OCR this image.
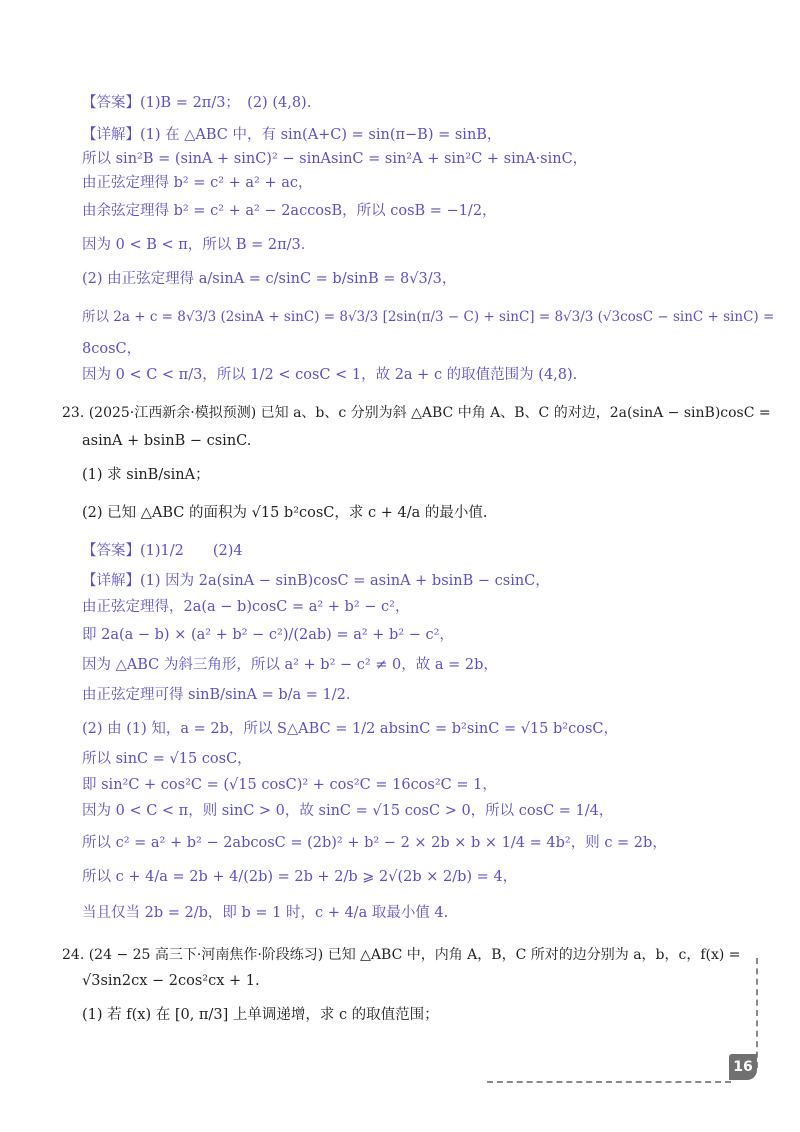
【答案】(1)B = 2π/3；　(2) (4,8).
【详解】(1) 在 △ABC 中，有 sin(A+C) = sin(π−B) = sinB，
所以 sin²B = (sinA + sinC)² − sinAsinC = sin²A + sin²C + sinA·sinC，
由正弦定理得 b² = c² + a² + ac，
由余弦定理得 b² = c² + a² − 2accosB，所以 cosB = −1/2，
因为 0 < B < π，所以 B = 2π/3．
(2) 由正弦定理得 a/sinA = c/sinC = b/sinB = 8√3/3，
所以 2a + c = 8√3/3 (2sinA + sinC) = 8√3/3 [2sin(π/3 − C) + sinC] = 8√3/3 (√3cosC − sinC + sinC) =
8cosC，
因为 0 < C < π/3，所以 1/2 < cosC < 1，故 2a + c 的取值范围为 (4,8).
23. (2025·江西新余·模拟预测) 已知 a、b、c 分别为斜 △ABC 中角 A、B、C 的对边，2a(sinA − sinB)cosC =
asinA + bsinB − csinC.
(1) 求 sinB/sinA；
(2) 已知 △ABC 的面积为 √15 b²cosC，求 c + 4/a 的最小值.
【答案】(1)1/2　　(2)4
【详解】(1) 因为 2a(sinA − sinB)cosC = asinA + bsinB − csinC，
由正弦定理得，2a(a − b)cosC = a² + b² − c²，
即 2a(a − b) × (a² + b² − c²)/(2ab) = a² + b² − c²，
因为 △ABC 为斜三角形，所以 a² + b² − c² ≠ 0，故 a = 2b，
由正弦定理可得 sinB/sinA = b/a = 1/2．
(2) 由 (1) 知，a = 2b，所以 S△ABC = 1/2 absinC = b²sinC = √15 b²cosC，
所以 sinC = √15 cosC，
即 sin²C + cos²C = (√15 cosC)² + cos²C = 16cos²C = 1，
因为 0 < C < π，则 sinC > 0，故 sinC = √15 cosC > 0，所以 cosC = 1/4，
所以 c² = a² + b² − 2abcosC = (2b)² + b² − 2 × 2b × b × 1/4 = 4b²，则 c = 2b，
所以 c + 4/a = 2b + 4/(2b) = 2b + 2/b ⩾ 2√(2b × 2/b) = 4，
当且仅当 2b = 2/b，即 b = 1 时，c + 4/a 取最小值 4.
24. (24 − 25 高三下·河南焦作·阶段练习) 已知 △ABC 中，内角 A，B，C 所对的边分别为 a，b，c，f(x) =
√3sin2cx − 2cos²cx + 1.
(1) 若 f(x) 在 [0, π/3] 上单调递增，求 c 的取值范围；
16
